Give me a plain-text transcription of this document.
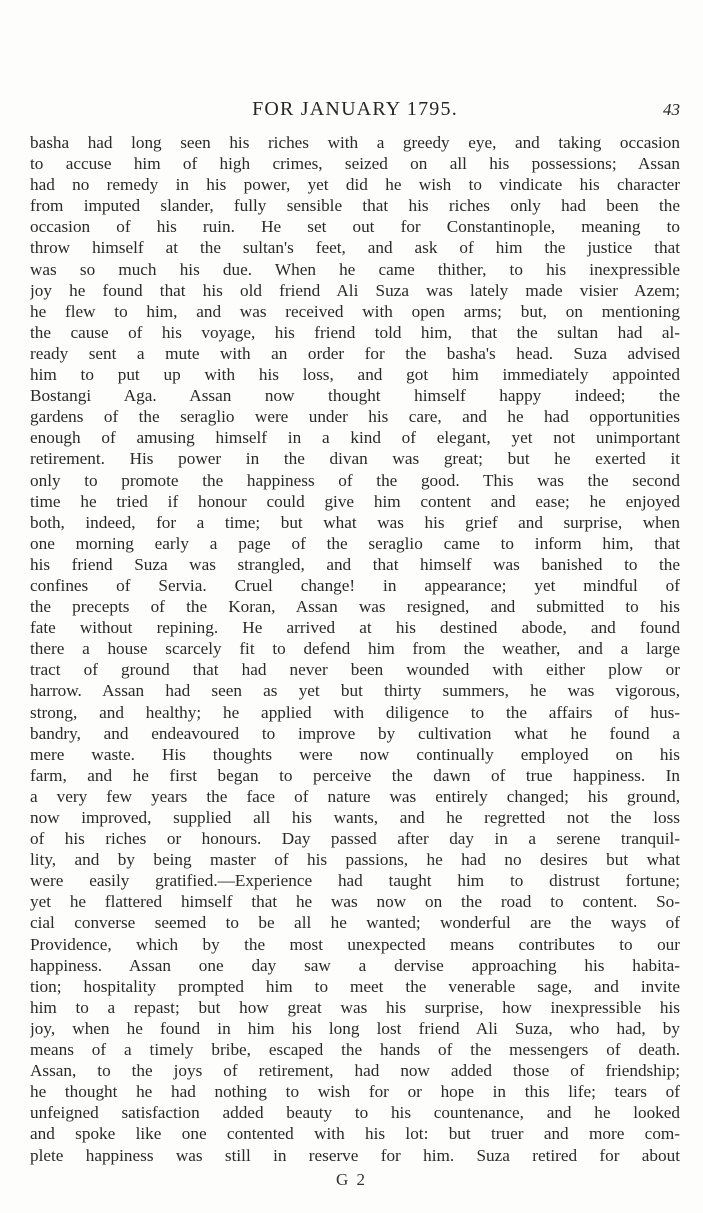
FOR JANUARY 1795.	43
basha had long seen his riches with a greedy eye, and taking occasion
to accuse him of high crimes, seized on all his possessions; Assan
had no remedy in his power, yet did he wish to vindicate his character
from imputed slander, fully sensible that his riches only had been the
occasion of his ruin. He set out for Constantinople, meaning to
throw himself at the sultan's feet, and ask of him the justice that
was so much his due. When he came thither, to his inexpressible
joy he found that his old friend Ali Suza was lately made visier Azem;
he flew to him, and was received with open arms; but, on mentioning
the cause of his voyage, his friend told him, that the sultan had al-
ready sent a mute with an order for the basha's head. Suza advised
him to put up with his loss, and got him immediately appointed
Bostangi Aga. Assan now thought himself happy indeed; the
gardens of the seraglio were under his care, and he had opportunities
enough of amusing himself in a kind of elegant, yet not unimportant
retirement. His power in the divan was great; but he exerted it
only to promote the happiness of the good. This was the second
time he tried if honour could give him content and ease; he enjoyed
both, indeed, for a time; but what was his grief and surprise, when
one morning early a page of the seraglio came to inform him, that
his friend Suza was strangled, and that himself was banished to the
confines of Servia. Cruel change! in appearance; yet mindful of
the precepts of the Koran, Assan was resigned, and submitted to his
fate without repining. He arrived at his destined abode, and found
there a house scarcely fit to defend him from the weather, and a large
tract of ground that had never been wounded with either plow or
harrow. Assan had seen as yet but thirty summers, he was vigorous,
strong, and healthy; he applied with diligence to the affairs of hus-
bandry, and endeavoured to improve by cultivation what he found a
mere waste. His thoughts were now continually employed on his
farm, and he first began to perceive the dawn of true happiness. In
a very few years the face of nature was entirely changed; his ground,
now improved, supplied all his wants, and he regretted not the loss
of his riches or honours. Day passed after day in a serene tranquil-
lity, and by being master of his passions, he had no desires but what
were easily gratified.—Experience had taught him to distrust fortune;
yet he flattered himself that he was now on the road to content. So-
cial converse seemed to be all he wanted; wonderful are the ways of
Providence, which by the most unexpected means contributes to our
happiness. Assan one day saw a dervise approaching his habita-
tion; hospitality prompted him to meet the venerable sage, and invite
him to a repast; but how great was his surprise, how inexpressible his
joy, when he found in him his long lost friend Ali Suza, who had, by
means of a timely bribe, escaped the hands of the messengers of death.
Assan, to the joys of retirement, had now added those of friendship;
he thought he had nothing to wish for or hope in this life; tears of
unfeigned satisfaction added beauty to his countenance, and he looked
and spoke like one contented with his lot: but truer and more com-
plete happiness was still in reserve for him. Suza retired for about
G 2
